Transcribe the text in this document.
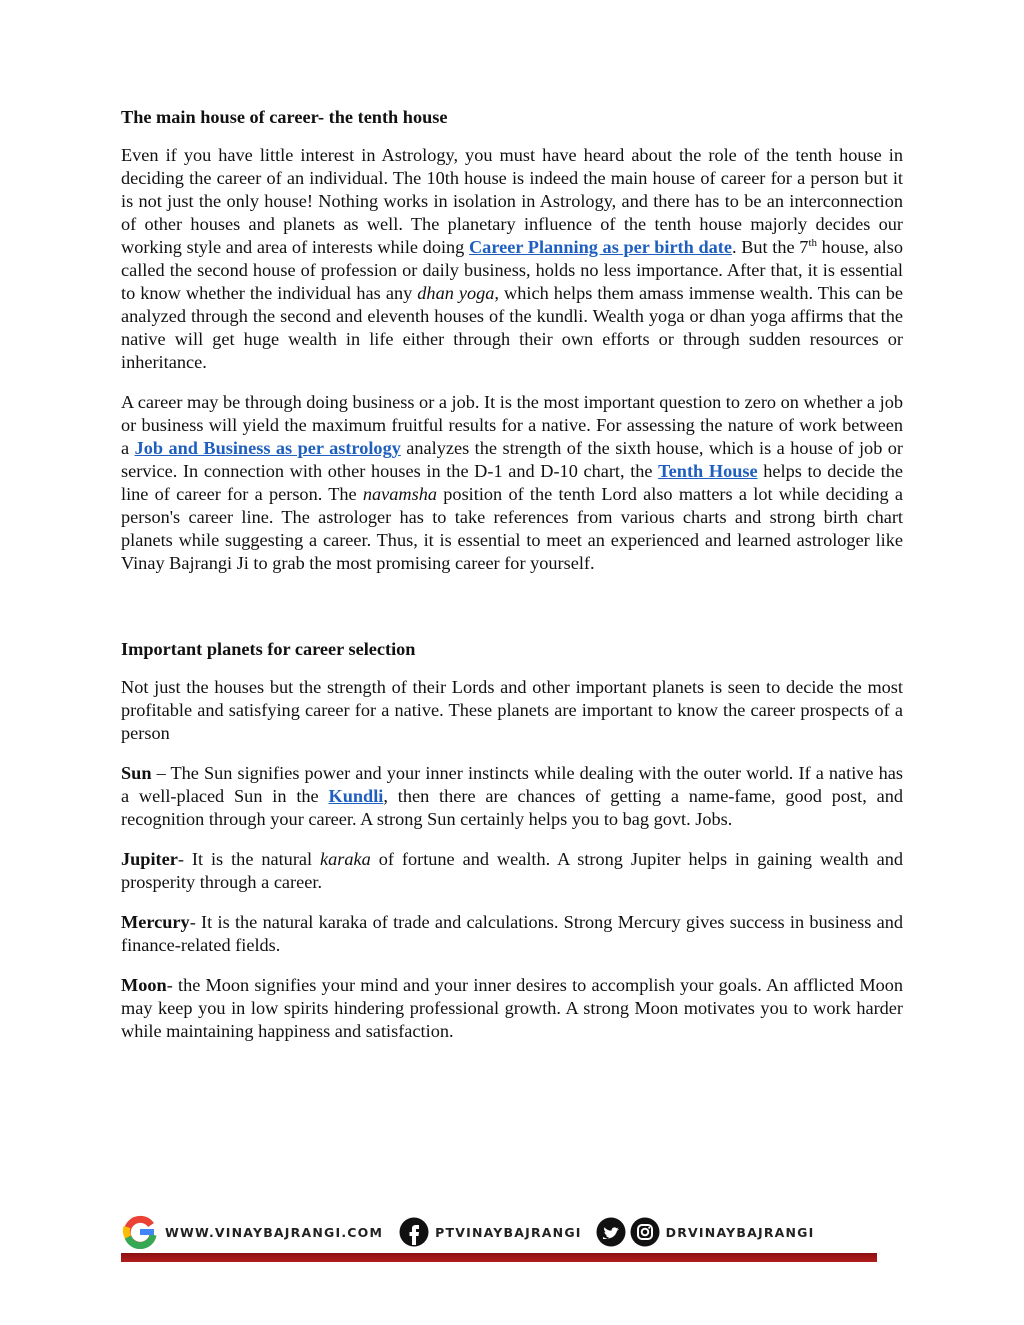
The main house of career- the tenth house

Even if you have little interest in Astrology, you must have heard about the role of the tenth house in deciding the career of an individual. The 10th house is indeed the main house of career for a person but it is not just the only house! Nothing works in isolation in Astrology, and there has to be an interconnection of other houses and planets as well. The planetary influence of the tenth house majorly decides our working style and area of interests while doing Career Planning as per birth date. But the 7th house, also called the second house of profession or daily business, holds no less importance. After that, it is essential to know whether the individual has any dhan yoga, which helps them amass immense wealth. This can be analyzed through the second and eleventh houses of the kundli. Wealth yoga or dhan yoga affirms that the native will get huge wealth in life either through their own efforts or through sudden resources or inheritance.

A career may be through doing business or a job. It is the most important question to zero on whether a job or business will yield the maximum fruitful results for a native. For assessing the nature of work between a Job and Business as per astrology analyzes the strength of the sixth house, which is a house of job or service. In connection with other houses in the D-1 and D-10 chart, the Tenth House helps to decide the line of career for a person. The navamsha position of the tenth Lord also matters a lot while deciding a person's career line. The astrologer has to take references from various charts and strong birth chart planets while suggesting a career. Thus, it is essential to meet an experienced and learned astrologer like Vinay Bajrangi Ji to grab the most promising career for yourself.

Important planets for career selection

Not just the houses but the strength of their Lords and other important planets is seen to decide the most profitable and satisfying career for a native. These planets are important to know the career prospects of a person

Sun – The Sun signifies power and your inner instincts while dealing with the outer world. If a native has a well-placed Sun in the Kundli, then there are chances of getting a name-fame, good post, and recognition through your career. A strong Sun certainly helps you to bag govt. Jobs.

Jupiter- It is the natural karaka of fortune and wealth. A strong Jupiter helps in gaining wealth and prosperity through a career.

Mercury- It is the natural karaka of trade and calculations. Strong Mercury gives success in business and finance-related fields.

Moon- the Moon signifies your mind and your inner desires to accomplish your goals. An afflicted Moon may keep you in low spirits hindering professional growth. A strong Moon motivates you to work harder while maintaining happiness and satisfaction.

WWW.VINAYBAJRANGI.COM	PTVINAYBAJRANGI	DRVINAYBAJRANGI
